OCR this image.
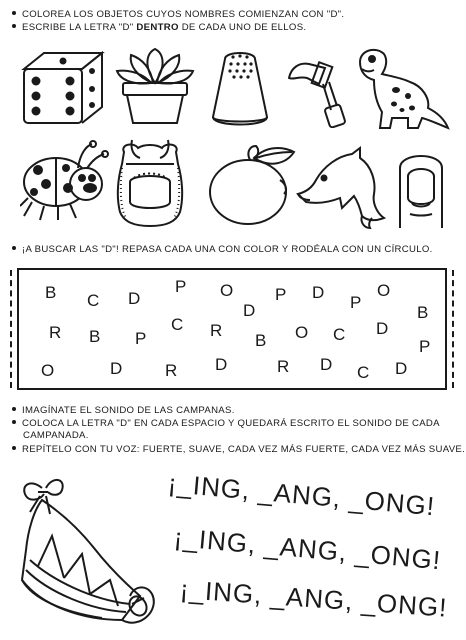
COLOREA LOS OBJETOS CUYOS NOMBRES COMIENZAN CON "D".
ESCRIBE LA LETRA "D" DENTRO DE CADA UNO DE ELLOS.
¡A BUSCAR LAS "D"! REPASA CADA UNA CON COLOR Y RODÉALA CON UN CÍRCULO.
B C D
P O
D
P D
P
O
R B P
C R
B O C D
B
O	D	R D	R D C D
P
IMAGÍNATE EL SONIDO DE LAS CAMPANAS.
COLOCA LA LETRA "D" EN CADA ESPACIO Y QUEDARÁ ESCRITO EL SONIDO DE CADA
CAMPANADA.
REPÍTELO CON TU VOZ: FUERTE, SUAVE, CADA VEZ MÁS FUERTE, CADA VEZ MÁS SUAVE.
¡_ING, _ANG, _ONG!
¡_ING, _ANG, _ONG!
¡_ING, _ANG, _ONG!
